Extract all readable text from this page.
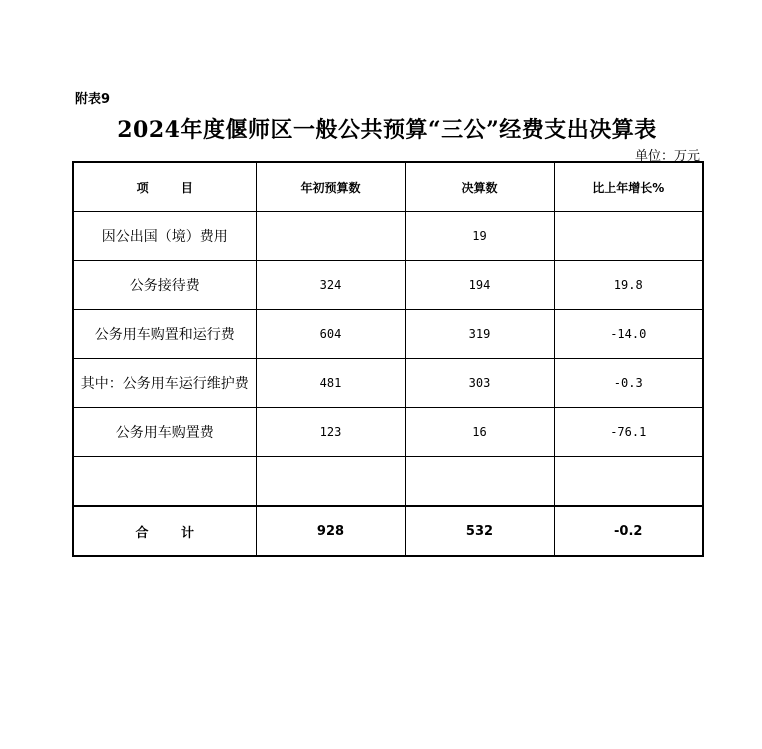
附表9
2024年度偃师区一般公共预算“三公”经费支出决算表
单位：万元
项 目	年初预算数	决算数	比上年增长%
因公出国（境）费用		19	
公务接待费	324	194	19.8
公务用车购置和运行费	604	319	-14.0
其中：公务用车运行维护费	481	303	-0.3
公务用车购置费	123	16	-76.1

合 计	928	532	-0.2
